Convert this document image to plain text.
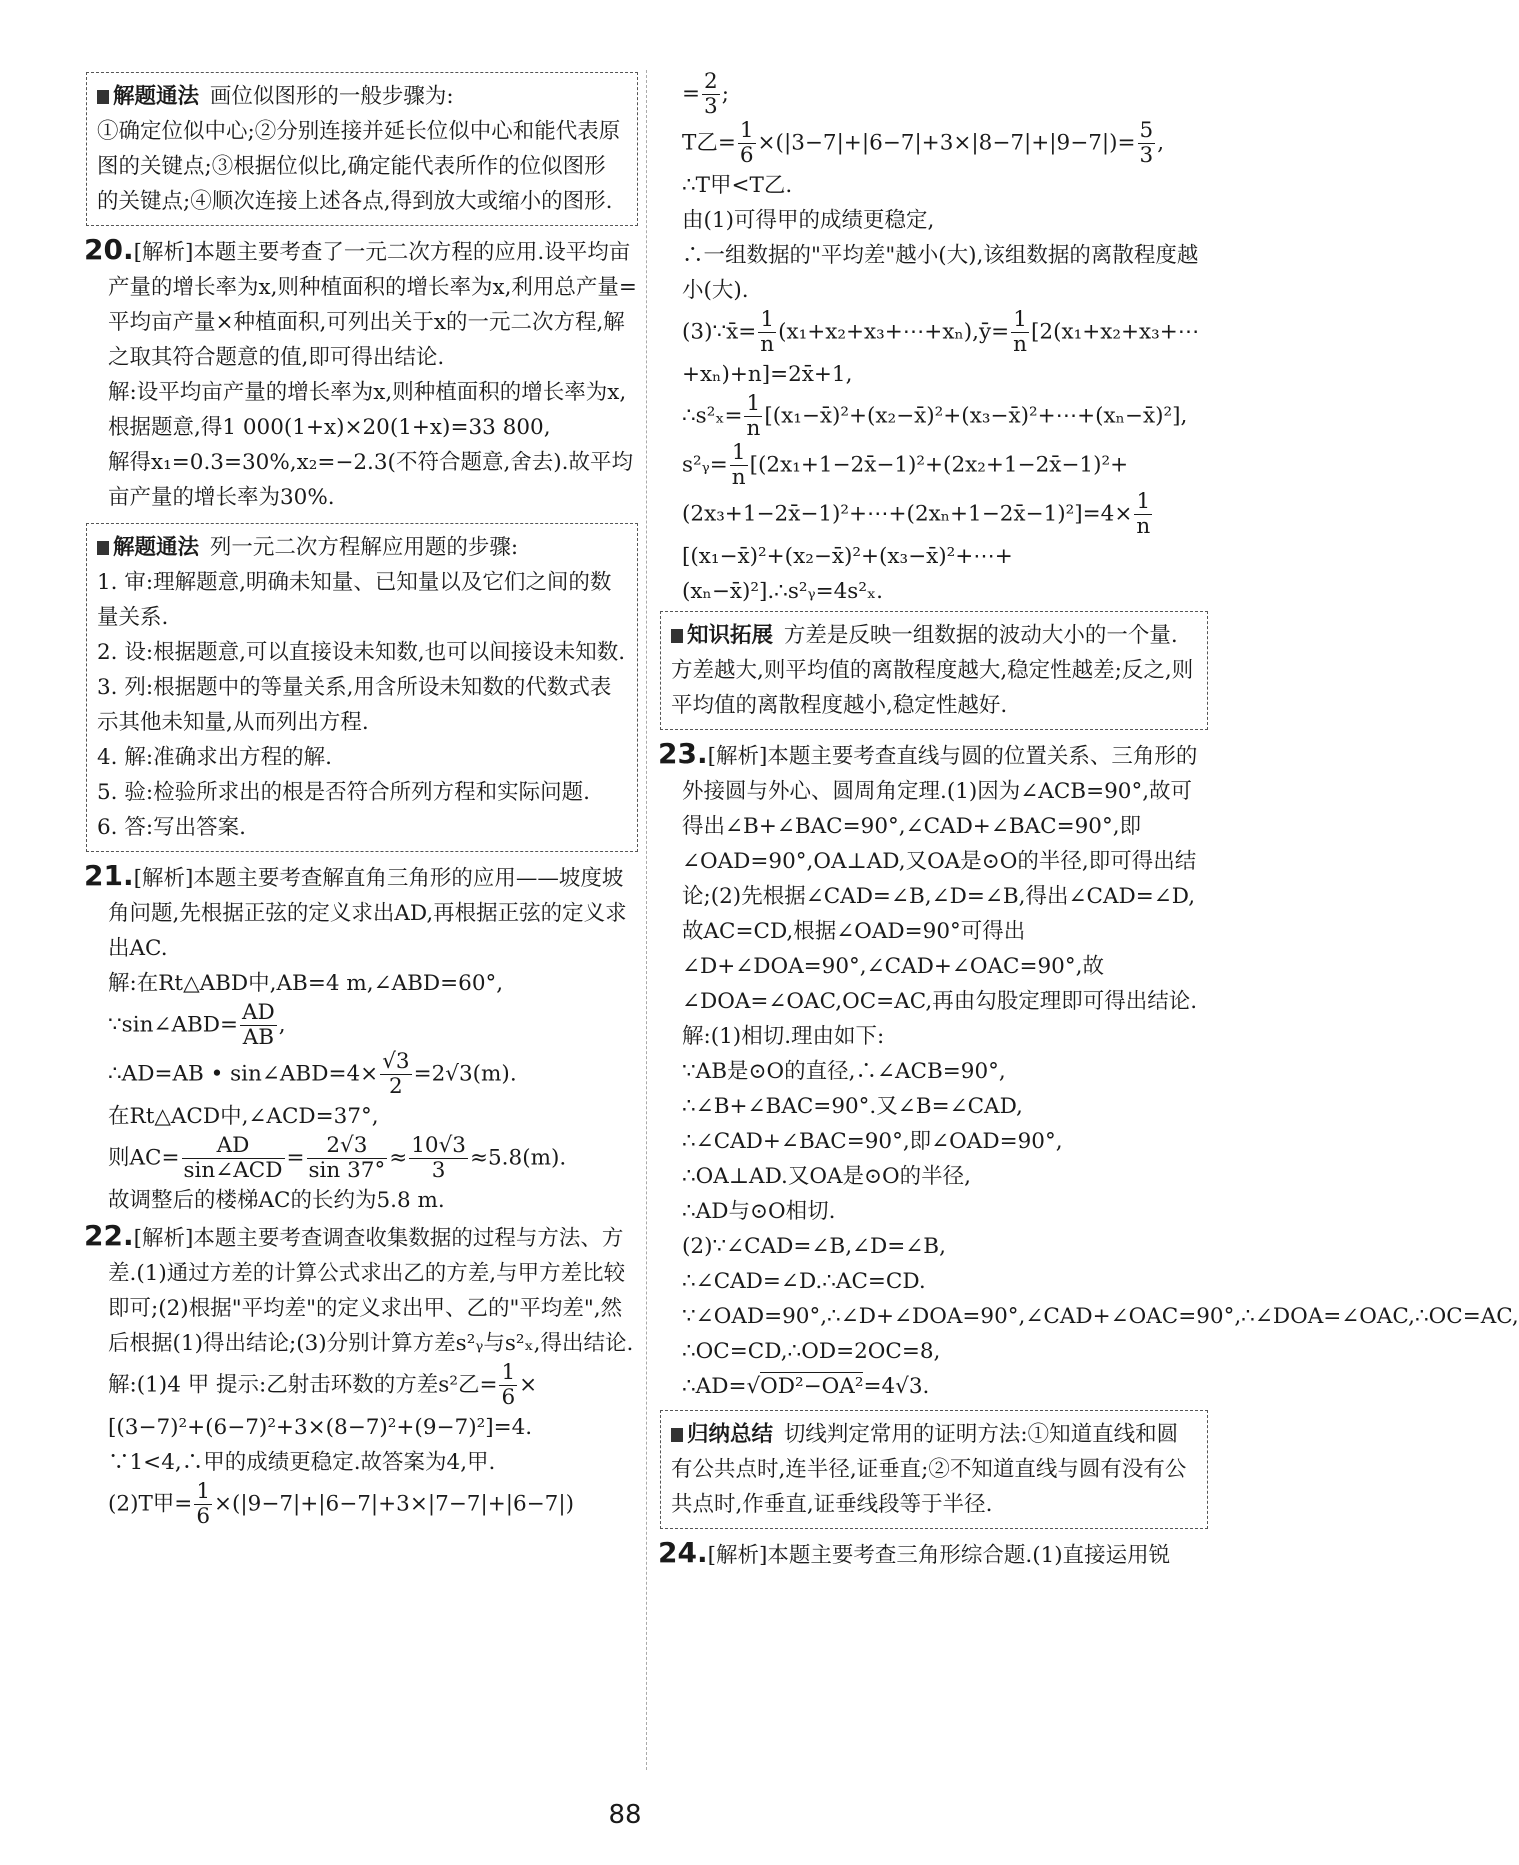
解题通法 画位似图形的一般步骤为:

①确定位似中心;②分别连接并延长位似中心和能代表原图的关键点;③根据位似比,确定能代表所作的位似图形的关键点;④顺次连接上述各点,得到放大或缩小的图形.

20.[解析]本题主要考查了一元二次方程的应用.设平均亩产量的增长率为x,则种植面积的增长率为x,利用总产量=平均亩产量×种植面积,可列出关于x的一元二次方程,解之取其符合题意的值,即可得出结论.

解:设平均亩产量的增长率为x,则种植面积的增长率为x,

根据题意,得1 000(1+x)×20(1+x)=33 800,

解得x₁=0.3=30%,x₂=−2.3(不符合题意,舍去).故平均亩产量的增长率为30%.

解题通法 列一元二次方程解应用题的步骤:

1. 审:理解题意,明确未知量、已知量以及它们之间的数量关系.

2. 设:根据题意,可以直接设未知数,也可以间接设未知数.

3. 列:根据题中的等量关系,用含所设未知数的代数式表示其他未知量,从而列出方程.

4. 解:准确求出方程的解.

5. 验:检验所求出的根是否符合所列方程和实际问题.

6. 答:写出答案.

21.[解析]本题主要考查解直角三角形的应用——坡度坡角问题,先根据正弦的定义求出AD,再根据正弦的定义求出AC.

解:在Rt△ABD中,AB=4 m,∠ABD=60°,

∵sin∠ABD= $\frac{AD}{AB}$ ,

∴AD=AB • sin∠ABD=4× $\frac{√3}{2} =2√3(m)$.

在Rt△ACD中,∠ACD=37°,

则$AC= \frac{AD}{\text{sin∠ACD}} = \frac{2√3}{\sin 37^\circ} \approx \frac{10√3}{3} \approx 5.8(m)$.

故调整后的楼梯AC的长约为5.8 m.

22.[解析]本题主要考查调查收集数据的过程与方法、方差.(1)通过方差的计算公式求出乙的方差,与甲方差比较即可;(2)根据"平均差"的定义求出甲、乙的"平均差",然后根据(1)得出结论;(3)分别计算方差s²ᵧ与s²ₓ,得出结论.

解:(1)4 甲 提示:乙射击环数的方差s²乙= $\frac{1}{6}$ ×

[(3−7)²+(6−7)²+3×(8−7)²+(9−7)²]=4.

∵1<4,∴甲的成绩更稳定.故答案为4,甲.

(2)T甲= $\frac{1}{6} \times(|9-7|+|6-7|+3\times|7-7|+|6-7|)$

= $\frac{2}{3}$ ;

T乙= $\frac{1}{6} \times(|3-7|+|6-7|+3\times|8-7|+|9-7|)= \frac{5}{3}$ ,

∴T甲<T乙.

由(1)可得甲的成绩更稳定,

∴一组数据的"平均差"越小(大),该组数据的离散程度越小(大).

(3)∵x̄= $\frac{1}{n}$ (x₁+x₂+x₃+⋯+xₙ),ȳ= $\frac{1}{n}$ [2(x₁+x₂+x₃+⋯+xₙ)+n]=2x̄+1,

∴s²ₓ= $\frac{1}{n}$ [(x₁−x̄)²+(x₂−x̄)²+(x₃−x̄)²+⋯+(xₙ−x̄)²],

s²ᵧ= $\frac{1}{n}$ [(2x₁+1−2x̄−1)²+(2x₂+1−2x̄−1)²+(2x₃+1−2x̄−1)²+⋯+(2xₙ+1−2x̄−1)²]=4× $\frac{1}{n}$
[(x₁−x̄)²+(x₂−x̄)²+(x₃−x̄)²+⋯+(xₙ−x̄)²].∴s²ᵧ=4s²ₓ.

知识拓展 方差是反映一组数据的波动大小的一个量.方差越大,则平均值的离散程度越大,稳定性越差;反之,则平均值的离散程度越小,稳定性越好.

23.[解析]本题主要考查直线与圆的位置关系、三角形的外接圆与外心、圆周角定理.(1)因为∠ACB=90°,故可得出∠B+∠BAC=90°,∠CAD+∠BAC=90°,即∠OAD=90°,OA⊥AD,又OA是⊙O的半径,即可得出结论;(2)先根据∠CAD=∠B,∠D=∠B,得出∠CAD=∠D,故AC=CD,根据∠OAD=90°可得出∠D+∠DOA=90°,∠CAD+∠OAC=90°,故∠DOA=∠OAC,OC=AC,再由勾股定理即可得出结论.

解:(1)相切.理由如下:

∵AB是⊙O的直径,∴∠ACB=90°,

∴∠B+∠BAC=90°.又∠B=∠CAD,

∴∠CAD+∠BAC=90°,即∠OAD=90°,

∴OA⊥AD.又OA是⊙O的半径,

∴AD与⊙O相切.

(2)∵∠CAD=∠B,∠D=∠B,

∴∠CAD=∠D.∴AC=CD.

∵∠OAD=90°,∴∠D+∠DOA=90°,∠CAD+∠OAC=90°,∴∠DOA=∠OAC,∴OC=AC,

∴OC=CD,∴OD=2OC=8,

∴AD=√OD²−OA²=4√3.

归纳总结 切线判定常用的证明方法:①知道直线和圆有公共点时,连半径,证垂直;②不知道直线与圆有没有公共点时,作垂直,证垂线段等于半径.

24.[解析]本题主要考查三角形综合题.(1)直接运用锐
88
